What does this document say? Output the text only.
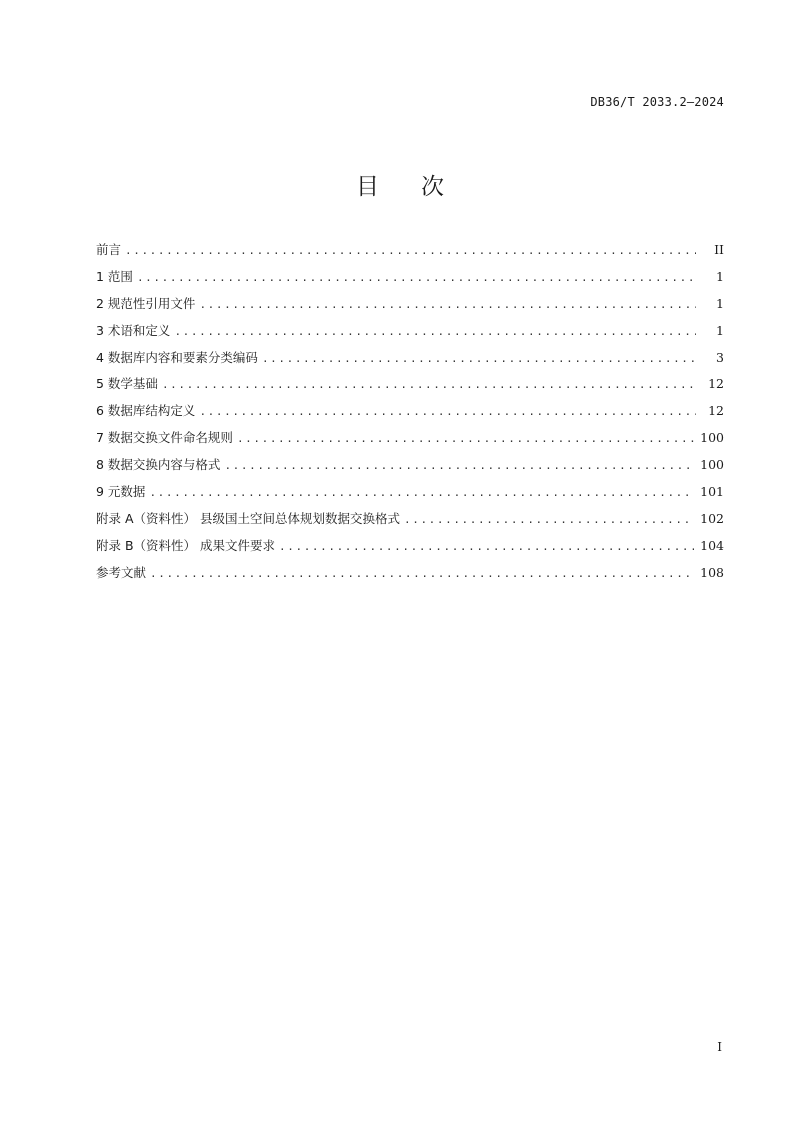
DB36/T 2033.2—2024
目次
前言 .....	II
1 范围 .....	1
2 规范性引用文件 .....	1
3 术语和定义 .....	1
4 数据库内容和要素分类编码 .....	3
5 数学基础 .....	12
6 数据库结构定义 .....	12
7 数据交换文件命名规则 .....	100
8 数据交换内容与格式 .....	100
9 元数据 .....	101
附录 A（资料性） 县级国土空间总体规划数据交换格式 .....	102
附录 B（资料性） 成果文件要求 .....	104
参考文献 .....	108
I
